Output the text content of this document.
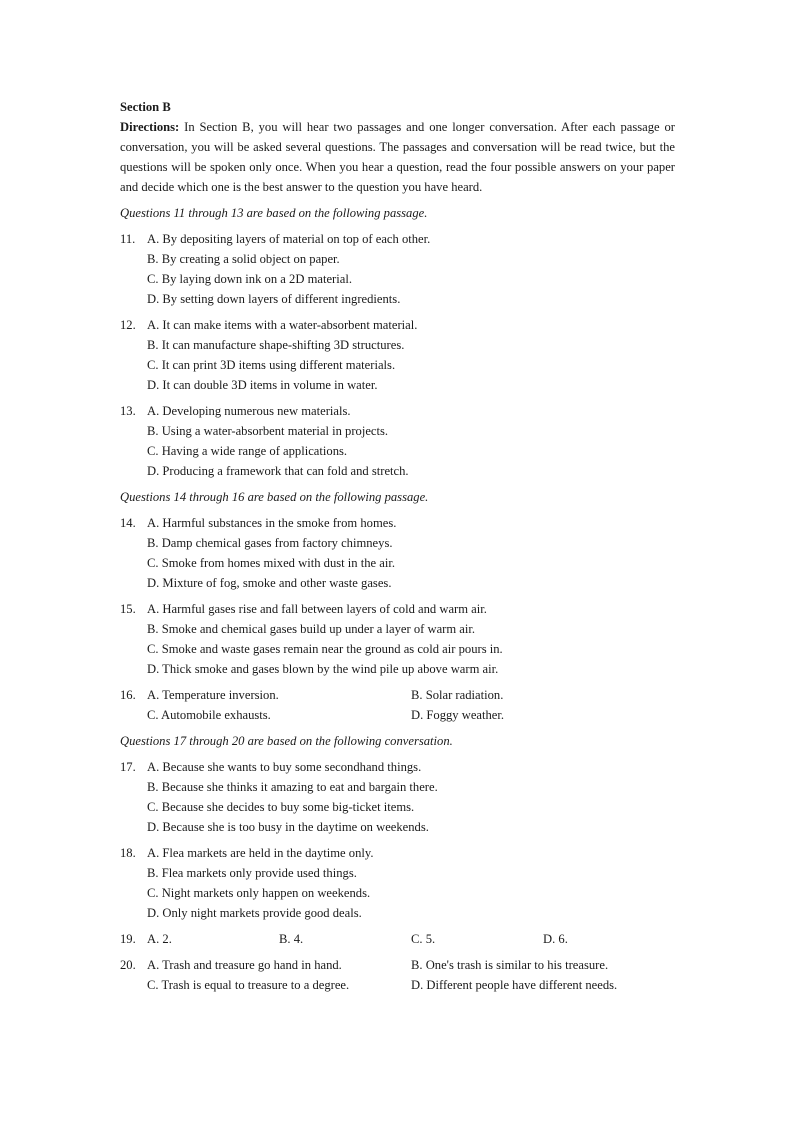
Section B
Directions: In Section B, you will hear two passages and one longer conversation. After each passage or conversation, you will be asked several questions. The passages and conversation will be read twice, but the questions will be spoken only once. When you hear a question, read the four possible answers on your paper and decide which one is the best answer to the question you have heard.
Questions 11 through 13 are based on the following passage.
11. A. By depositing layers of material on top of each other.
B. By creating a solid object on paper.
C. By laying down ink on a 2D material.
D. By setting down layers of different ingredients.
12. A. It can make items with a water-absorbent material.
B. It can manufacture shape-shifting 3D structures.
C. It can print 3D items using different materials.
D. It can double 3D items in volume in water.
13. A. Developing numerous new materials.
B. Using a water-absorbent material in projects.
C. Having a wide range of applications.
D. Producing a framework that can fold and stretch.
Questions 14 through 16 are based on the following passage.
14. A. Harmful substances in the smoke from homes.
B. Damp chemical gases from factory chimneys.
C. Smoke from homes mixed with dust in the air.
D. Mixture of fog, smoke and other waste gases.
15. A. Harmful gases rise and fall between layers of cold and warm air.
B. Smoke and chemical gases build up under a layer of warm air.
C. Smoke and waste gases remain near the ground as cold air pours in.
D. Thick smoke and gases blown by the wind pile up above warm air.
16. A. Temperature inversion.	B. Solar radiation.
C. Automobile exhausts.	D. Foggy weather.
Questions 17 through 20 are based on the following conversation.
17. A. Because she wants to buy some secondhand things.
B. Because she thinks it amazing to eat and bargain there.
C. Because she decides to buy some big-ticket items.
D. Because she is too busy in the daytime on weekends.
18. A. Flea markets are held in the daytime only.
B. Flea markets only provide used things.
C. Night markets only happen on weekends.
D. Only night markets provide good deals.
19. A. 2.	B. 4.	C. 5.	D. 6.
20. A. Trash and treasure go hand in hand.	B. One's trash is similar to his treasure.
C. Trash is equal to treasure to a degree.	D. Different people have different needs.
